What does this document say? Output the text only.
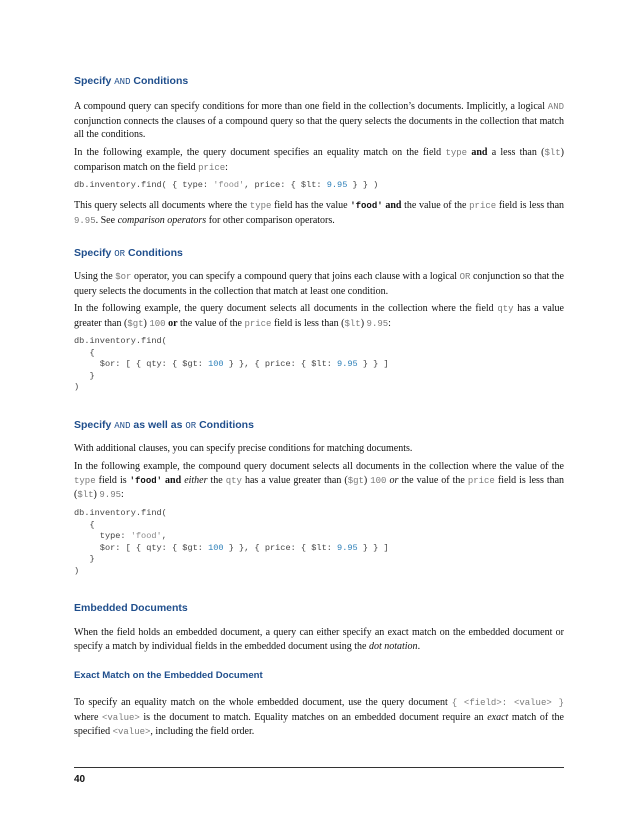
Specify AND Conditions

A compound query can specify conditions for more than one field in the collection’s documents. Implicitly, a logical AND conjunction connects the clauses of a compound query so that the query selects the documents in the collection that match all the conditions.

In the following example, the query document specifies an equality match on the field type and a less than ($lt) comparison match on the field price:

db.inventory.find( { type: 'food', price: { $lt: 9.95 } } )

This query selects all documents where the type field has the value 'food' and the value of the price field is less than 9.95. See comparison operators for other comparison operators.

Specify OR Conditions

Using the $or operator, you can specify a compound query that joins each clause with a logical OR conjunction so that the query selects the documents in the collection that match at least one condition.

In the following example, the query document selects all documents in the collection where the field qty has a value greater than ($gt) 100 or the value of the price field is less than ($lt) 9.95:

db.inventory.find(
{
$or: [ { qty: { $gt: 100 } }, { price: { $lt: 9.95 } } ]
}
)
Specify AND as well as OR Conditions

With additional clauses, you can specify precise conditions for matching documents.

In the following example, the compound query document selects all documents in the collection where the value of the type field is 'food' and either the qty has a value greater than ($gt) 100 or the value of the price field is less than ($lt) 9.95:

db.inventory.find(
{
type: 'food',
$or: [ { qty: { $gt: 100 } }, { price: { $lt: 9.95 } } ]
}
)
Embedded Documents

When the field holds an embedded document, a query can either specify an exact match on the embedded document or specify a match by individual fields in the embedded document using the dot notation.

Exact Match on the Embedded Document

To specify an equality match on the whole embedded document, use the query document { <field>: <value> } where <value> is the document to match. Equality matches on an embedded document require an exact match of the specified <value>, including the field order.

40
